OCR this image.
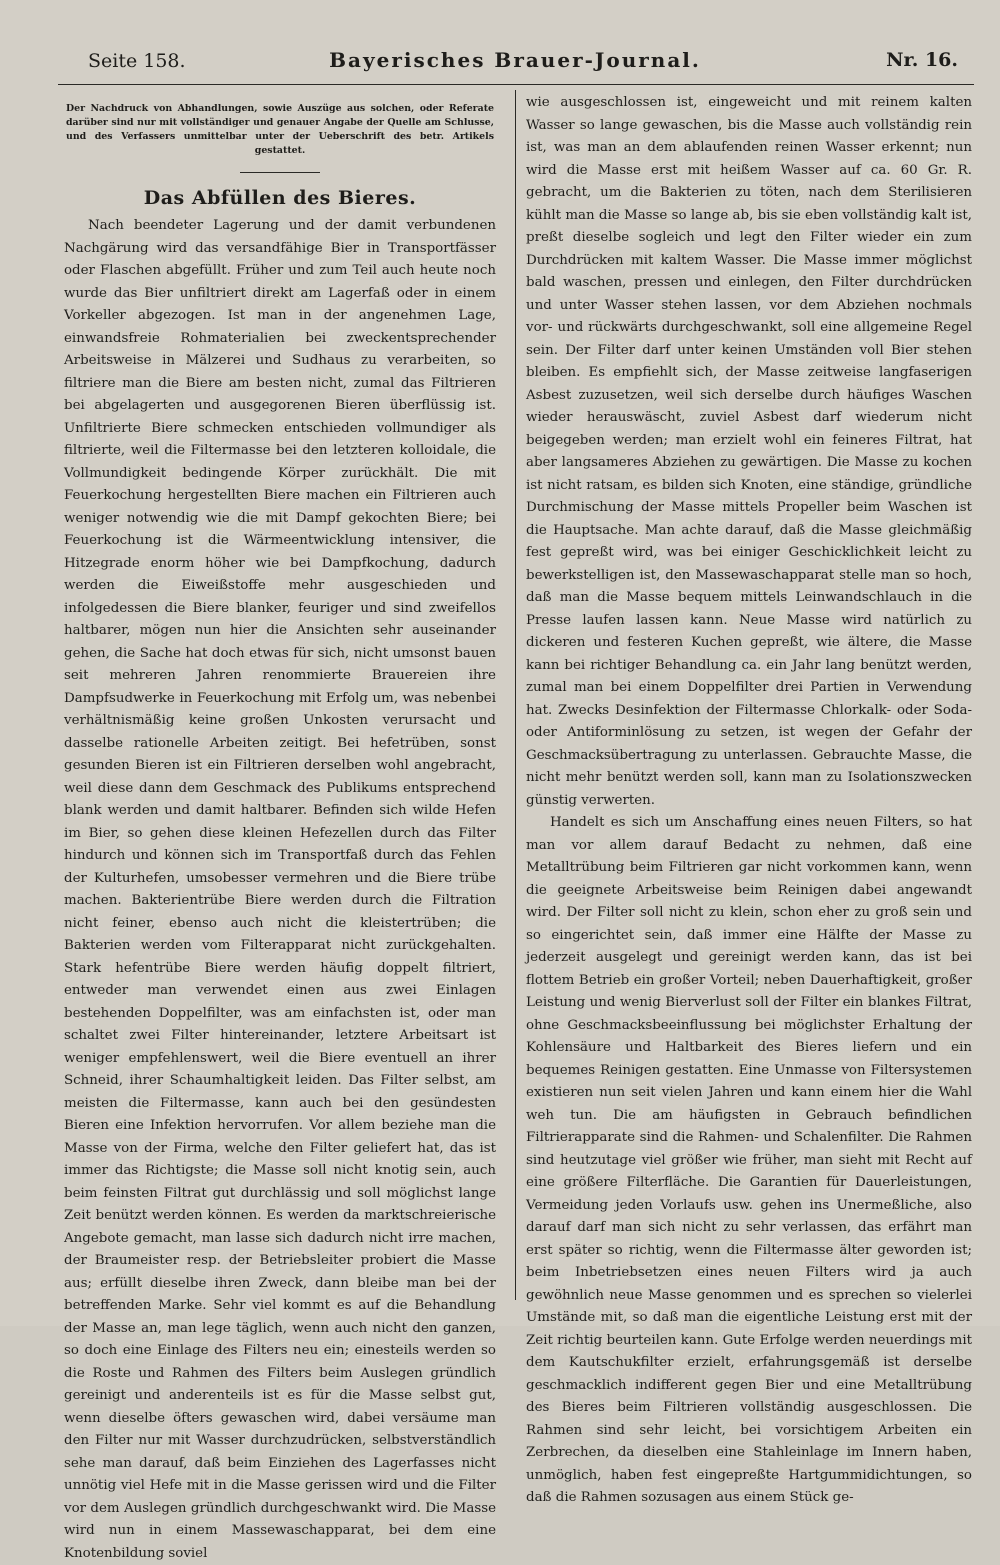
Seite 158.	Bayerisches Brauer-Journal.	Nr. 16.

Der Nachdruck von Abhandlungen, sowie Auszüge aus solchen, oder Referate darüber sind nur mit vollständiger und genauer Angabe der Quelle am Schlusse, und des Verfassers unmittelbar unter der Ueberschrift des betr. Artikels gestattet.

Das Abfüllen des Bieres.

Nach beendeter Lagerung und der damit verbundenen Nachgärung wird das versandfähige Bier in Transportfässer oder Flaschen abgefüllt. Früher und zum Teil auch heute noch wurde das Bier unfiltriert direkt am Lagerfaß oder in einem Vorkeller abgezogen. Ist man in der angenehmen Lage, einwandsfreie Rohmaterialien bei zweckentsprechender Arbeitsweise in Mälzerei und Sudhaus zu verarbeiten, so filtriere man die Biere am besten nicht, zumal das Filtrieren bei abgelagerten und ausgegorenen Bieren überflüssig ist. Unfiltrierte Biere schmecken entschieden vollmundiger als filtrierte, weil die Filtermasse bei den letzteren kolloidale, die Vollmundigkeit bedingende Körper zurückhält. Die mit Feuerkochung hergestellten Biere machen ein Filtrieren auch weniger notwendig wie die mit Dampf gekochten Biere; bei Feuerkochung ist die Wärmeentwicklung intensiver, die Hitzegrade enorm höher wie bei Dampfkochung, dadurch werden die Eiweißstoffe mehr ausgeschieden und infolgedessen die Biere blanker, feuriger und sind zweifellos haltbarer, mögen nun hier die Ansichten sehr auseinander gehen, die Sache hat doch etwas für sich, nicht umsonst bauen seit mehreren Jahren renommierte Brauereien ihre Dampfsudwerke in Feuerkochung mit Erfolg um, was nebenbei verhältnismäßig keine großen Unkosten verursacht und dasselbe rationelle Arbeiten zeitigt. Bei hefetrüben, sonst gesunden Bieren ist ein Filtrieren derselben wohl angebracht, weil diese dann dem Geschmack des Publikums entsprechend blank werden und damit haltbarer. Befinden sich wilde Hefen im Bier, so gehen diese kleinen Hefezellen durch das Filter hindurch und können sich im Transportfaß durch das Fehlen der Kulturhefen, umsobesser vermehren und die Biere trübe machen. Bakterientrübe Biere werden durch die Filtration nicht feiner, ebenso auch nicht die kleistertrüben; die Bakterien werden vom Filterapparat nicht zurückgehalten. Stark hefentrübe Biere werden häufig doppelt filtriert, entweder man verwendet einen aus zwei Einlagen bestehenden Doppelfilter, was am einfachsten ist, oder man schaltet zwei Filter hintereinander, letztere Arbeitsart ist weniger empfehlenswert, weil die Biere eventuell an ihrer Schneid, ihrer Schaumhaltigkeit leiden. Das Filter selbst, am meisten die Filtermasse, kann auch bei den gesündesten Bieren eine Infektion hervorrufen. Vor allem beziehe man die Masse von der Firma, welche den Filter geliefert hat, das ist immer das Richtigste; die Masse soll nicht knotig sein, auch beim feinsten Filtrat gut durchlässig und soll möglichst lange Zeit benützt werden können. Es werden da marktschreierische Angebote gemacht, man lasse sich dadurch nicht irre machen, der Braumeister resp. der Betriebsleiter probiert die Masse aus; erfüllt dieselbe ihren Zweck, dann bleibe man bei der betreffenden Marke. Sehr viel kommt es auf die Behandlung der Masse an, man lege täglich, wenn auch nicht den ganzen, so doch eine Einlage des Filters neu ein; einesteils werden so die Roste und Rahmen des Filters beim Auslegen gründlich gereinigt und anderenteils ist es für die Masse selbst gut, wenn dieselbe öfters gewaschen wird, dabei versäume man den Filter nur mit Wasser durchzudrücken, selbstverständlich sehe man darauf, daß beim Einziehen des Lagerfasses nicht unnötig viel Hefe mit in die Masse gerissen wird und die Filter vor dem Auslegen gründlich durchgeschwankt wird. Die Masse wird nun in einem Massewaschapparat, bei dem eine Knotenbildung soviel

wie ausgeschlossen ist, eingeweicht und mit reinem kalten Wasser so lange gewaschen, bis die Masse auch vollständig rein ist, was man an dem ablaufenden reinen Wasser erkennt; nun wird die Masse erst mit heißem Wasser auf ca. 60 Gr. R. gebracht, um die Bakterien zu töten, nach dem Sterilisieren kühlt man die Masse so lange ab, bis sie eben vollständig kalt ist, preßt dieselbe sogleich und legt den Filter wieder ein zum Durchdrücken mit kaltem Wasser. Die Masse immer möglichst bald waschen, pressen und einlegen, den Filter durchdrücken und unter Wasser stehen lassen, vor dem Abziehen nochmals vor- und rückwärts durchgeschwankt, soll eine allgemeine Regel sein. Der Filter darf unter keinen Umständen voll Bier stehen bleiben. Es empfiehlt sich, der Masse zeitweise langfaserigen Asbest zuzusetzen, weil sich derselbe durch häufiges Waschen wieder herauswäscht, zuviel Asbest darf wiederum nicht beigegeben werden; man erzielt wohl ein feineres Filtrat, hat aber langsameres Abziehen zu gewärtigen. Die Masse zu kochen ist nicht ratsam, es bilden sich Knoten, eine ständige, gründliche Durchmischung der Masse mittels Propeller beim Waschen ist die Hauptsache. Man achte darauf, daß die Masse gleichmäßig fest gepreßt wird, was bei einiger Geschicklichkeit leicht zu bewerkstelligen ist, den Massewaschapparat stelle man so hoch, daß man die Masse bequem mittels Leinwandschlauch in die Presse laufen lassen kann. Neue Masse wird natürlich zu dickeren und festeren Kuchen gepreßt, wie ältere, die Masse kann bei richtiger Behandlung ca. ein Jahr lang benützt werden, zumal man bei einem Doppelfilter drei Partien in Verwendung hat. Zwecks Desinfektion der Filtermasse Chlorkalk- oder Soda- oder Antiforminlösung zu setzen, ist wegen der Gefahr der Geschmacksübertragung zu unterlassen. Gebrauchte Masse, die nicht mehr benützt werden soll, kann man zu Isolationszwecken günstig verwerten.

Handelt es sich um Anschaffung eines neuen Filters, so hat man vor allem darauf Bedacht zu nehmen, daß eine Metalltrübung beim Filtrieren gar nicht vorkommen kann, wenn die geeignete Arbeitsweise beim Reinigen dabei angewandt wird. Der Filter soll nicht zu klein, schon eher zu groß sein und so eingerichtet sein, daß immer eine Hälfte der Masse zu jederzeit ausgelegt und gereinigt werden kann, das ist bei flottem Betrieb ein großer Vorteil; neben Dauerhaftigkeit, großer Leistung und wenig Bierverlust soll der Filter ein blankes Filtrat, ohne Geschmacksbeeinflussung bei möglichster Erhaltung der Kohlensäure und Haltbarkeit des Bieres liefern und ein bequemes Reinigen gestatten. Eine Unmasse von Filtersystemen existieren nun seit vielen Jahren und kann einem hier die Wahl weh tun. Die am häufigsten in Gebrauch befindlichen Filtrierapparate sind die Rahmen- und Schalenfilter. Die Rahmen sind heutzutage viel größer wie früher, man sieht mit Recht auf eine größere Filterfläche. Die Garantien für Dauerleistungen, Vermeidung jeden Vorlaufs usw. gehen ins Unermeßliche, also darauf darf man sich nicht zu sehr verlassen, das erfährt man erst später so richtig, wenn die Filtermasse älter geworden ist; beim Inbetriebsetzen eines neuen Filters wird ja auch gewöhnlich neue Masse genommen und es sprechen so vielerlei Umstände mit, so daß man die eigentliche Leistung erst mit der Zeit richtig beurteilen kann. Gute Erfolge werden neuerdings mit dem Kautschukfilter erzielt, erfahrungsgemäß ist derselbe geschmacklich indifferent gegen Bier und eine Metalltrübung des Bieres beim Filtrieren vollständig ausgeschlossen. Die Rahmen sind sehr leicht, bei vorsichtigem Arbeiten ein Zerbrechen, da dieselben eine Stahleinlage im Innern haben, unmöglich, haben fest eingepreßte Hartgummidichtungen, so daß die Rahmen sozusagen aus einem Stück ge-
